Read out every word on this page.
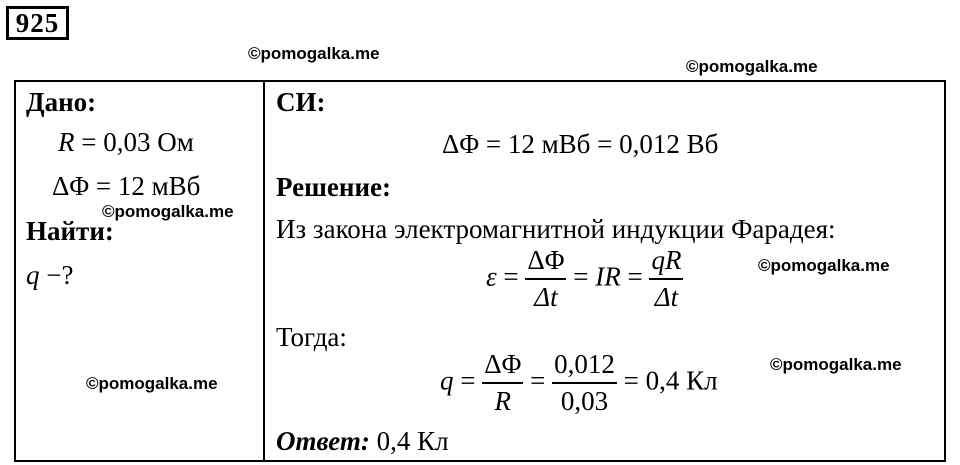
925
©pomogalka.me
©pomogalka.me
Дано:
R = 0,03 Ом
ΔΦ = 12 мВб
©pomogalka.me
Найти:
q −?
©pomogalka.me
СИ:
ΔΦ = 12 мВб = 0,012 Вб
Решение:
Из закона электромагнитной индукции Фарадея:
$\varepsilon = \frac{\Delta\Phi}{\Delta t}$ = IR = $\frac{qR}{\Delta t}$	©pomogalka.me
Тогда:
©pomogalka.me
$q = \frac{\Delta\Phi}{R} = \frac{0,012}{0,03} = 0,4$ Кл
Ответ: 0,4 Кл
